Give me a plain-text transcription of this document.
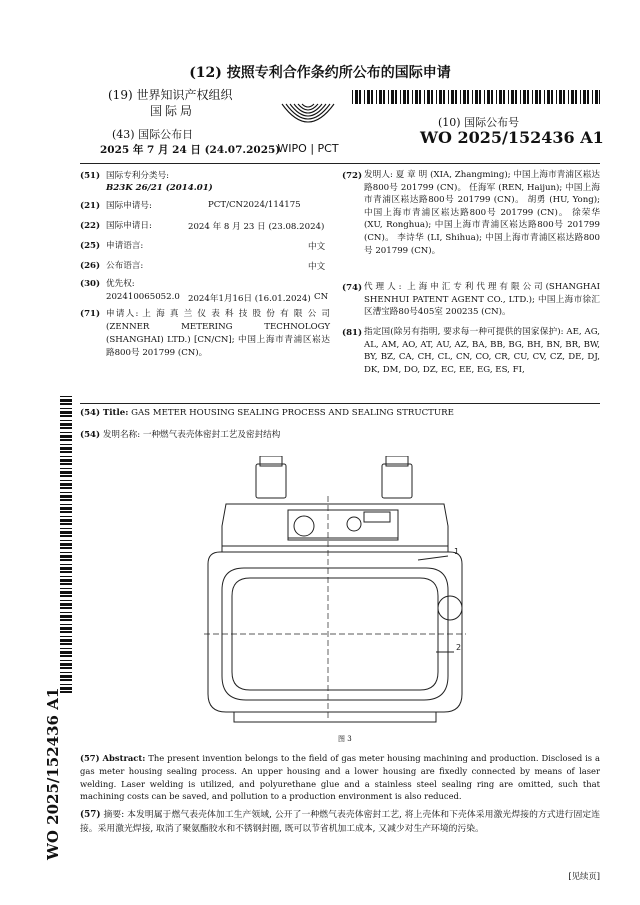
(12) 按照专利合作条约所公布的国际申请
(19) 世界知识产权组织
国际局
(43) 国际公布日
2025 年 7 月 24 日 (24.07.2025)
WIPO | PCT
(10) 国际公布号
WO 2025/152436 A1
(51) 国际专利分类号:
B23K 26/21 (2014.01)
(21) 国际申请号:	PCT/CN2024/114175
(22) 国际申请日:	2024 年 8 月 23 日 (23.08.2024)
(25) 申请语言:	中文
(26) 公布语言:	中文
(30) 优先权:
202410065052.0 2024年1月16日 (16.01.2024) CN
(71) 申请人: 上 海 真 兰 仪 表 科 技 股 份 有 限 公 司 (ZENNER METERING TECHNOLOGY (SHANGHAI) LTD.) [CN/CN]; 中国上海市青浦区崧达路800号 201799 (CN)。
(72) 发明人: 夏 章 明 (XIA, Zhangming); 中国上海市青浦区崧达路800号 201799 (CN)。 任海军 (REN, Haijun); 中国上海市青浦区崧达路800号 201799 (CN)。 胡勇 (HU, Yong); 中国上海市青浦区崧达路800号 201799 (CN)。 徐荣华 (XU, Ronghua); 中国上海市青浦区崧达路800号 201799 (CN)。 李诗华 (LI, Shihua); 中国上海市青浦区崧达路800号 201799 (CN)。
(74) 代理人: 上海申汇专利代理有限公司(SHANGHAI SHENHUI PATENT AGENT CO., LTD.); 中国上海市徐汇区漕宝路80号405室 200235 (CN)。
(81) 指定国(除另有指明, 要求每一种可提供的国家保护): AE, AG, AL, AM, AO, AT, AU, AZ, BA, BB, BG, BH, BN, BR, BW, BY, BZ, CA, CH, CL, CN, CO, CR, CU, CV, CZ, DE, DJ, DK, DM, DO, DZ, EC, EE, EG, ES, FI,
WO 2025/152436 A1
(54) Title: GAS METER HOUSING SEALING PROCESS AND SEALING STRUCTURE
(54) 发明名称: 一种燃气表壳体密封工艺及密封结构
1
2
图 3
(57) Abstract: The present invention belongs to the field of gas meter housing machining and production. Disclosed is a gas meter housing sealing process. An upper housing and a lower housing are fixedly connected by means of laser welding. Laser welding is utilized, and polyurethane glue and a stainless steel sealing ring are omitted, such that machining costs can be saved, and pollution to a production environment is also reduced.
(57) 摘要: 本发明属于燃气表壳体加工生产领域, 公开了一种燃气表壳体密封工艺, 将上壳体和下壳体采用激光焊接的方式进行固定连接。采用激光焊接, 取消了聚氨酯胶水和不锈钢封圈, 既可以节省机加工成本, 又减少对生产环境的污染。
[见续页]
